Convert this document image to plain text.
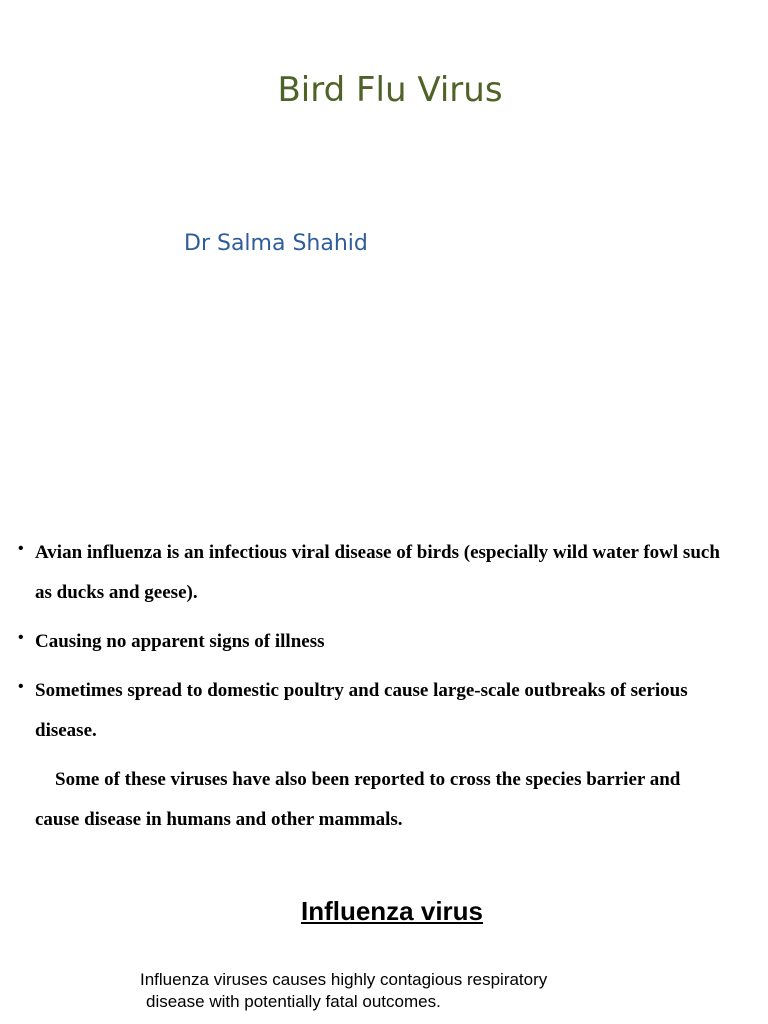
Bird Flu Virus

Dr Salma Shahid

• Avian influenza is an infectious viral disease of birds (especially wild water fowl such as ducks and geese).
• Causing no apparent signs of illness
• Sometimes spread to domestic poultry and cause large-scale outbreaks of serious disease.

Some of these viruses have also been reported to cross the species barrier and cause disease in humans and other mammals.

Influenza virus

Influenza viruses causes highly contagious respiratory
disease with potentially fatal outcomes.
